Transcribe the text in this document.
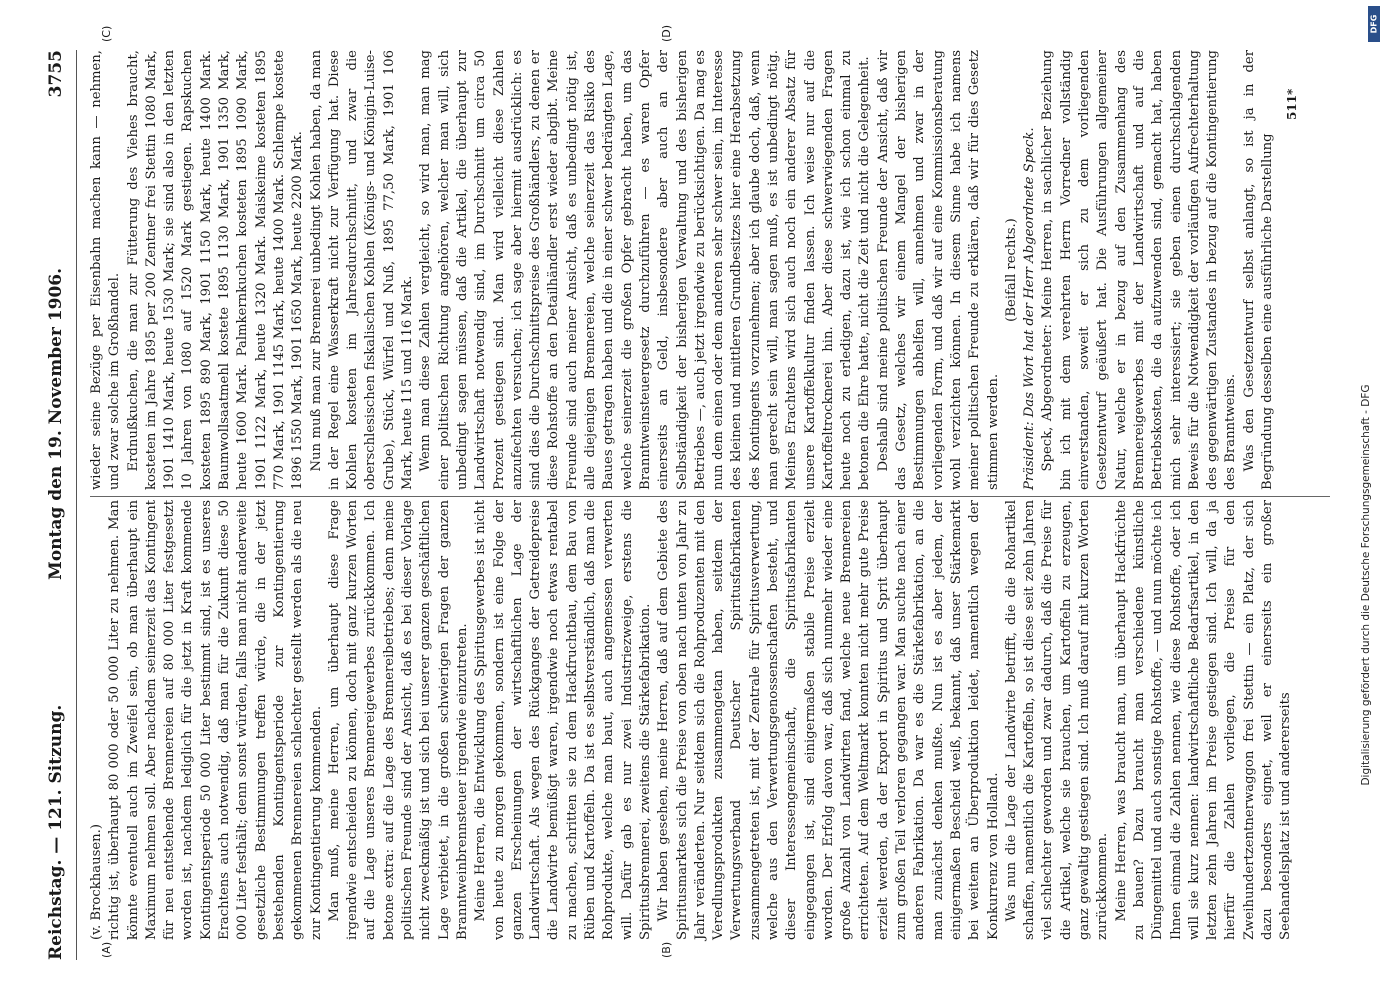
Reichstag. — 121. Sitzung.
Montag den 19. November 1906.
3755
(A)	(B)
(C)	(D)

(v. Brockhausen.) richtig ist, überhaupt 80 000 oder 50 000 Liter zu nehmen. Man könnte eventuell auch im Zweifel sein, ob man überhaupt ein Maximum nehmen soll. Aber nachdem seinerzeit das Kontingent für neu entstehende Brennereien auf 80 000 Liter festgesetzt worden ist, nachdem lediglich für die jetzt in Kraft kommende Kontingentsperiode 50 000 Liter bestimmt sind, ist es unseres Erachtens auch notwendig, daß man für die Zukunft diese 50 000 Liter festhält; denn sonst würden, falls man nicht anderweite gesetzliche Bestimmungen treffen würde, die in der jetzt bestehenden Kontingentsperiode zur Kontingentierung gekommenen Brennereien schlechter gestellt werden als die neu zur Kontingentierung kommenden. Man muß, meine Herren, um überhaupt diese Frage irgendwie entscheiden zu können, doch mit ganz kurzen Worten auf die Lage unseres Brennereigewerbes zurückkommen. Ich betone extra: auf die Lage des Brennereibetriebes; denn meine politischen Freunde sind der Ansicht, daß es bei dieser Vorlage nicht zweckmäßig ist und sich bei unserer ganzen geschäftlichen Lage verbietet, in die großen schwierigen Fragen der ganzen Branntweinbrennsteuer irgendwie einzutreten. Meine Herren, die Entwicklung des Spiritusgewerbes ist nicht von heute zu morgen gekommen, sondern ist eine Folge der ganzen Erscheinungen der wirtschaftlichen Lage der Landwirtschaft. Als wegen des Rückganges der Getreidepreise die Landwirte bemüßigt waren, irgendwie noch etwas rentabel zu machen, schritten sie zu dem Hackfruchtbau, dem Bau von Rüben und Kartoffeln. Da ist es selbstverständlich, daß man die Rohprodukte, welche man baut, auch angemessen verwerten will. Dafür gab es nur zwei Industriezweige, erstens die Spiritusbrennerei, zweitens die Stärkefabrikation. Wir haben gesehen, meine Herren, daß auf dem Gebiete des Spiritusmarktes sich die Preise von oben nach unten von Jahr zu Jahr veränderten. Nur seitdem sich die Rohproduzenten mit den Veredlungsprodukten zusammengetan haben, seitdem der Verwertungsverband Deutscher Spiritusfabrikanten zusammengetreten ist, mit der Zentrale für Spiritusverwertung, welche aus den Verwertungsgenossenschaften besteht, und dieser Interessengemeinschaft, die Spiritusfabrikanten eingegangen ist, sind einigermaßen stabile Preise erzielt worden. Der Erfolg davon war, daß sich nunmehr wieder eine große Anzahl von Landwirten fand, welche neue Brennereien errichteten. Auf dem Weltmarkt konnten nicht mehr gute Preise erzielt werden, da der Export in Spiritus und Sprit überhaupt zum großen Teil verloren gegangen war. Man suchte nach einer anderen Fabrikation. Da war es die Stärkefabrikation, an die man zunächst denken mußte. Nun ist es aber jedem, der einigermaßen Bescheid weiß, bekannt, daß unser Stärkemarkt bei weitem an Überproduktion leidet, namentlich wegen der Konkurrenz von Holland. Was nun die Lage der Landwirte betrifft, die die Rohartikel schaffen, namentlich die Kartoffeln, so ist diese seit zehn Jahren viel schlechter geworden und zwar dadurch, daß die Preise für die Artikel, welche sie brauchen, um Kartoffeln zu erzeugen, ganz gewaltig gestiegen sind. Ich muß darauf mit kurzen Worten zurückkommen. Meine Herren, was braucht man, um überhaupt Hackfrüchte zu bauen? Dazu braucht man verschiedene künstliche Düngemittel und auch sonstige Rohstoffe, — und nun möchte ich Ihnen einmal die Zahlen nennen, wie diese Rohstoffe, oder ich will sie kurz nennen: landwirtschaftliche Bedarfsartikel, in den letzten zehn Jahren im Preise gestiegen sind. Ich will, da ja hierfür die Zahlen vorliegen, die Preise für den Zweihundertzentnerwaggon frei Stettin — ein Platz, der sich dazu besonders eignet, weil er einerseits ein großer Seehandelsplatz ist und andererseits

wieder seine Bezüge per Eisenbahn machen kann — nehmen, und zwar solche im Großhandel. Erdnußkuchen, die man zur Fütterung des Viehes braucht, kosteten im Jahre 1895 per 200 Zentner frei Stettin 1080 Mark, 1901 1410 Mark, heute 1530 Mark; sie sind also in den letzten 10 Jahren von 1080 auf 1520 Mark gestiegen. Rapskuchen kosteten 1895 890 Mark, 1901 1150 Mark, heute 1400 Mark. Baumwollsaatmehl kostete 1895 1130 Mark, 1901 1350 Mark, heute 1600 Mark. Palmkernkuchen kosteten 1895 1090 Mark, 1901 1122 Mark, heute 1320 Mark. Maiskeime kosteten 1895 770 Mark, 1901 1145 Mark, heute 1400 Mark. Schlempe kostete 1896 1550 Mark, 1901 1650 Mark, heute 2200 Mark. Nun muß man zur Brennerei unbedingt Kohlen haben, da man in der Regel eine Wasserkraft nicht zur Verfügung hat. Diese Kohlen kosteten im Jahresdurchschnitt, und zwar die oberschlesischen fiskalischen Kohlen (Königs- und Königin-Luise-Grube), Stück, Würfel und Nuß, 1895 77,50 Mark, 1901 106 Mark, heute 115 und 116 Mark. Wenn man diese Zahlen vergleicht, so wird man, man mag einer politischen Richtung angehören, welcher man will, sich unbedingt sagen müssen, daß die Artikel, die überhaupt zur Landwirtschaft notwendig sind, im Durchschnitt um circa 50 Prozent gestiegen sind. Man wird vielleicht diese Zahlen anzufechten versuchen; ich sage aber hiermit ausdrücklich: es sind dies die Durchschnittspreise des Großhändlers, zu denen er diese Rohstoffe an den Detailhändler erst wieder abgibt. Meine Freunde sind auch meiner Ansicht, daß es unbedingt nötig ist, alle diejenigen Brennereien, welche seinerzeit das Risiko des Baues getragen haben und die in einer schwer bedrängten Lage, welche seinerzeit die großen Opfer gebracht haben, um das Branntweinsteuergesetz durchzuführen — es waren Opfer einerseits an Geld, insbesondere aber auch an der Selbständigkeit der bisherigen Verwaltung und des bisherigen Betriebes —, auch jetzt irgendwie zu berücksichtigen. Da mag es nun dem einen oder dem anderen sehr schwer sein, im Interesse des kleinen und mittleren Grundbesitzes hier eine Herabsetzung des Kontingents vorzunehmen; aber ich glaube doch, daß, wenn man gerecht sein will, man sagen muß, es ist unbedingt nötig. Meines Erachtens wird sich auch noch ein anderer Absatz für unsere Kartoffelkultur finden lassen. Ich weise nur auf die Kartoffeltrocknerei hin. Aber diese schwerwiegenden Fragen heute noch zu erledigen, dazu ist, wie ich schon einmal zu betonen die Ehre hatte, nicht die Zeit und nicht die Gelegenheit. Deshalb sind meine politischen Freunde der Ansicht, daß wir das Gesetz, welches wir einem Mangel der bisherigen Bestimmungen abhelfen will, annehmen und zwar in der vorliegenden Form, und daß wir auf eine Kommissionsberatung wohl verzichten können. In diesem Sinne habe ich namens meiner politischen Freunde zu erklären, daß wir für dies Gesetz stimmen werden.

(Beifall rechts.) Präsident: Das Wort hat der Herr Abgeordnete Speck. Speck, Abgeordneter: Meine Herren, in sachlicher Beziehung bin ich mit dem verehrten Herrn Vorredner vollständig einverstanden, soweit er sich zu dem vorliegenden Gesetzentwurf geäußert hat. Die Ausführungen allgemeiner Natur, welche er in bezug auf den Zusammenhang des Brennereigewerbes mit der Landwirtschaft und auf die Betriebskosten, die da aufzuwenden sind, gemacht hat, haben mich sehr interessiert; sie geben einen durchschlagenden Beweis für die Notwendigkeit der vorläufigen Aufrechterhaltung des gegenwärtigen Zustandes in bezug auf die Kontingentierung des Branntweins. Was den Gesetzentwurf selbst anlangt, so ist ja in der Begründung desselben eine ausführliche Darstellung

511*
Digitalisierung gefördert durch die Deutsche Forschungsgemeinschaft - DFG
DFG
